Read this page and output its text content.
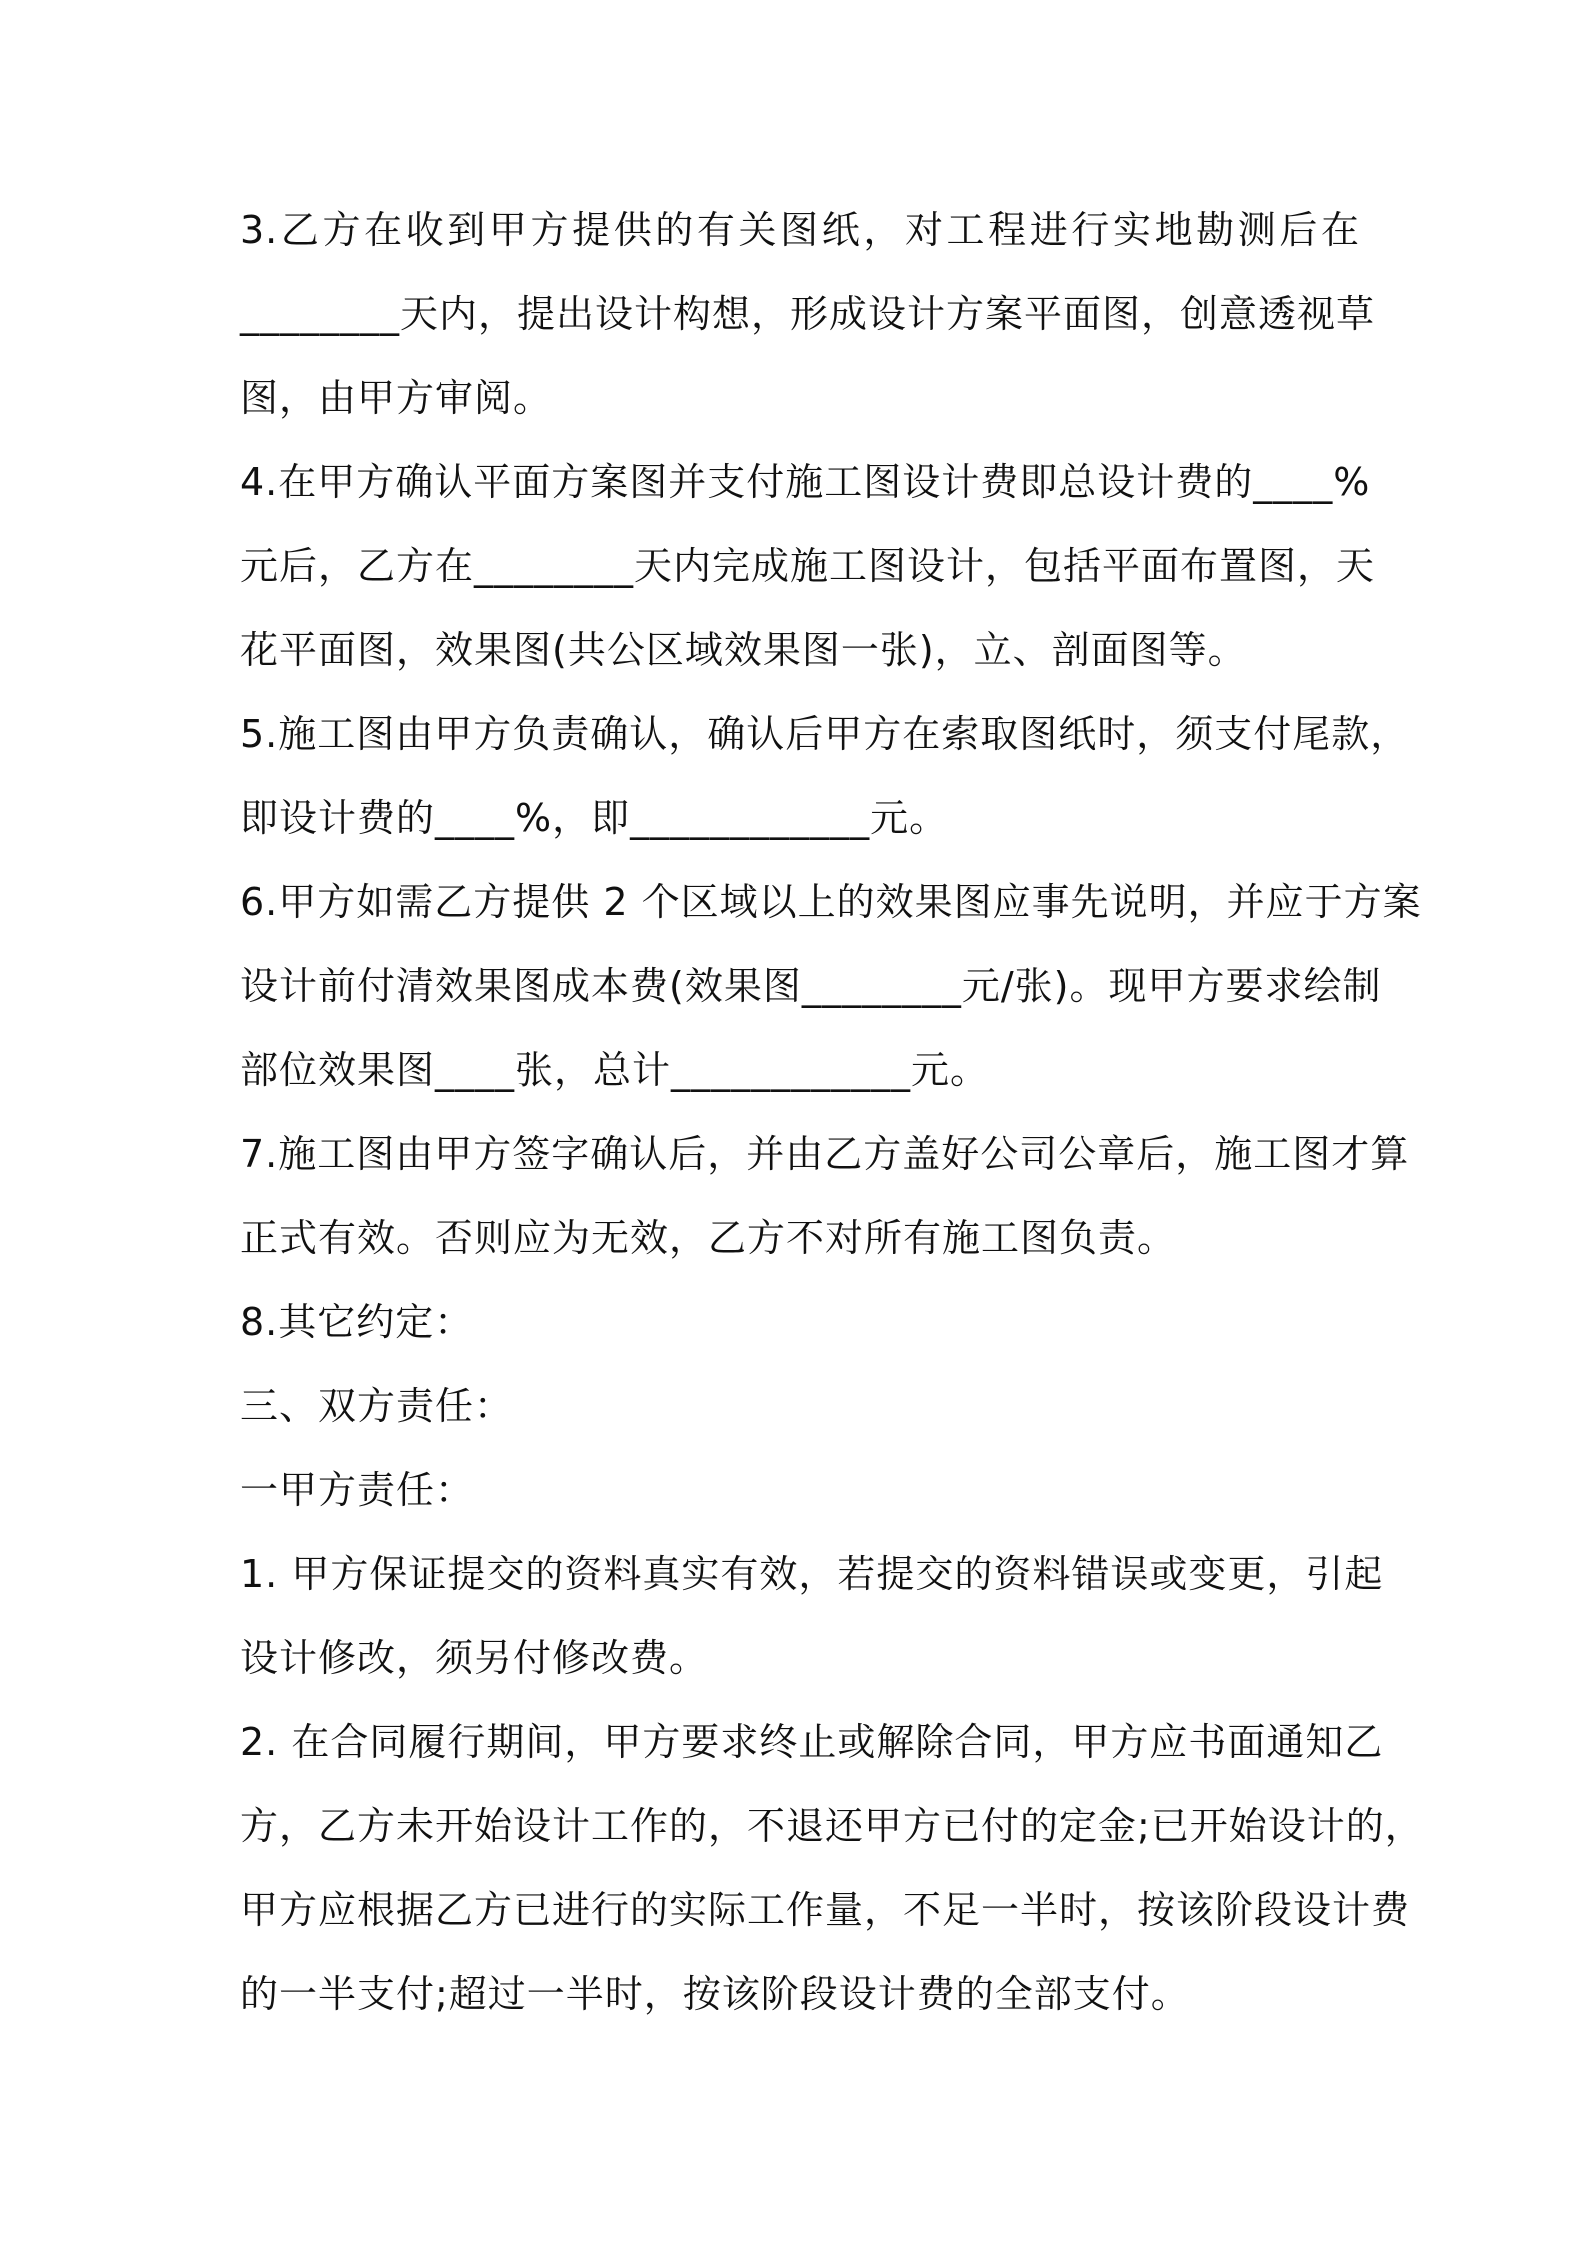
3.乙方在收到甲方提供的有关图纸，对工程进行实地勘测后在
________天内，提出设计构想，形成设计方案平面图，创意透视草
图，由甲方审阅。

4.在甲方确认平面方案图并支付施工图设计费即总设计费的____%
元后，乙方在________天内完成施工图设计，包括平面布置图，天
花平面图，效果图(共公区域效果图一张)，立、剖面图等。

5.施工图由甲方负责确认，确认后甲方在索取图纸时，须支付尾款，
即设计费的____%，即____________元。

6.甲方如需乙方提供 2 个区域以上的效果图应事先说明，并应于方案
设计前付清效果图成本费(效果图________元/张)。现甲方要求绘制
部位效果图____张，总计____________元。

7.施工图由甲方签字确认后，并由乙方盖好公司公章后，施工图才算
正式有效。否则应为无效，乙方不对所有施工图负责。

8.其它约定：

三、双方责任：

一甲方责任：

1. 甲方保证提交的资料真实有效，若提交的资料错误或变更，引起
设计修改，须另付修改费。

2. 在合同履行期间，甲方要求终止或解除合同，甲方应书面通知乙
方，乙方未开始设计工作的，不退还甲方已付的定金;已开始设计的，
甲方应根据乙方已进行的实际工作量，不足一半时，按该阶段设计费
的一半支付;超过一半时，按该阶段设计费的全部支付。
